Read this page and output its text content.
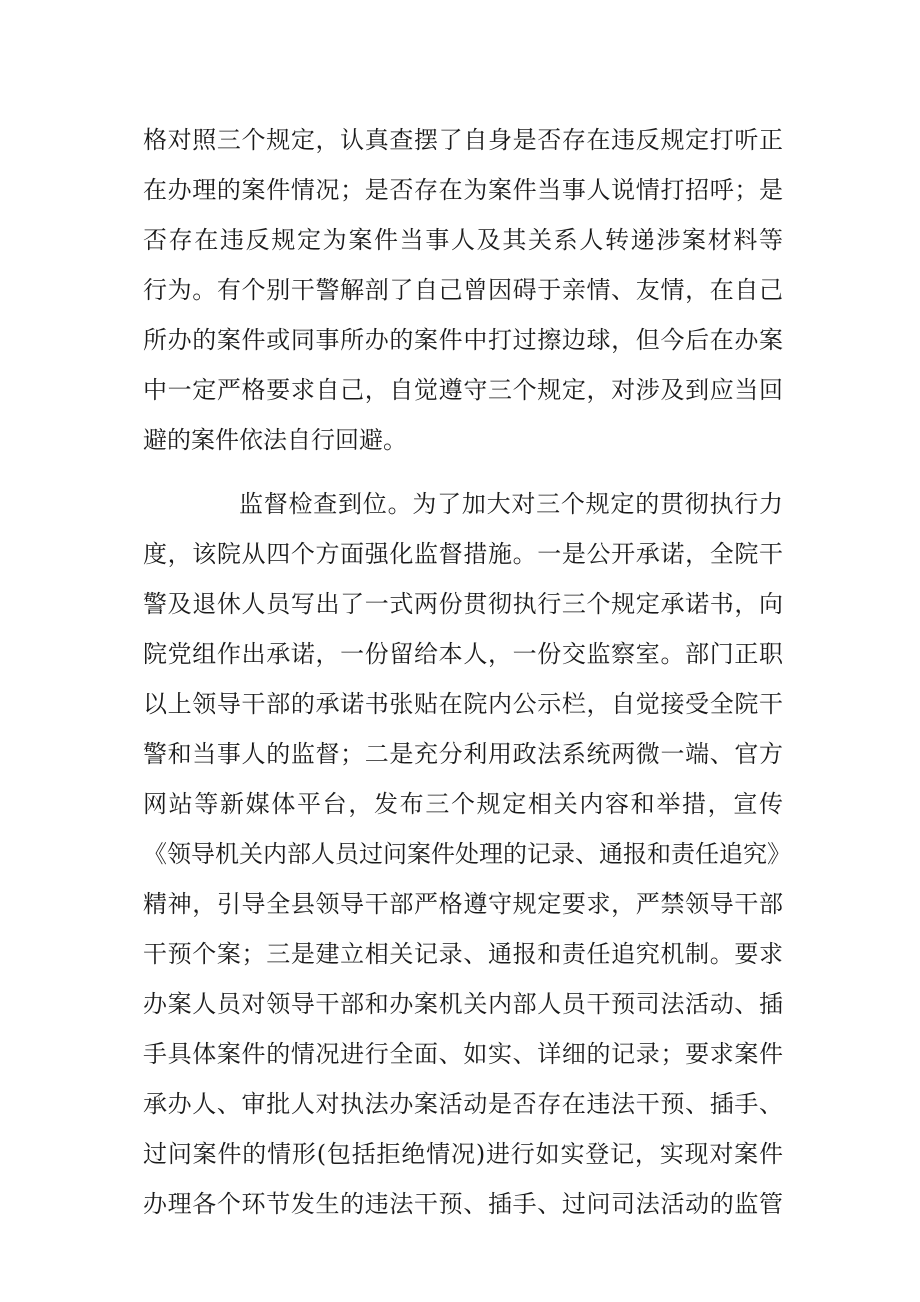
格对照三个规定，认真查摆了自身是否存在违反规定打听正
在办理的案件情况；是否存在为案件当事人说情打招呼；是
否存在违反规定为案件当事人及其关系人转递涉案材料等
行为。有个别干警解剖了自己曾因碍于亲情、友情，在自己
所办的案件或同事所办的案件中打过擦边球，但今后在办案
中一定严格要求自己，自觉遵守三个规定，对涉及到应当回
避的案件依法自行回避。

监督检查到位。为了加大对三个规定的贯彻执行力
度，该院从四个方面强化监督措施。一是公开承诺，全院干
警及退休人员写出了一式两份贯彻执行三个规定承诺书，向
院党组作出承诺，一份留给本人，一份交监察室。部门正职
以上领导干部的承诺书张贴在院内公示栏，自觉接受全院干
警和当事人的监督；二是充分利用政法系统两微一端、官方
网站等新媒体平台，发布三个规定相关内容和举措，宣传
《领导机关内部人员过问案件处理的记录、通报和责任追究》
精神，引导全县领导干部严格遵守规定要求，严禁领导干部
干预个案；三是建立相关记录、通报和责任追究机制。要求
办案人员对领导干部和办案机关内部人员干预司法活动、插
手具体案件的情况进行全面、如实、详细的记录；要求案件
承办人、审批人对执法办案活动是否存在违法干预、插手、
过问案件的情形(包括拒绝情况)进行如实登记，实现对案件
办理各个环节发生的违法干预、插手、过问司法活动的监管
